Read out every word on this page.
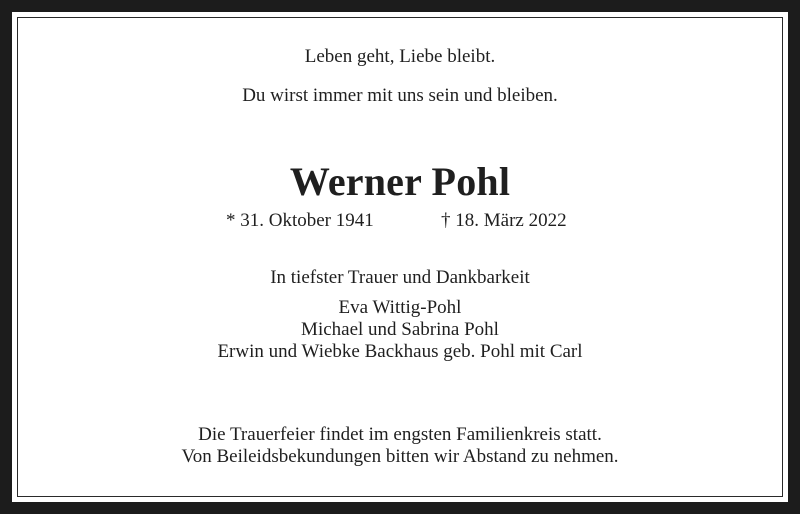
Leben geht, Liebe bleibt.
Du wirst immer mit uns sein und bleiben.
Werner Pohl
* 31. Oktober 1941	† 18. März 2022
In tiefster Trauer und Dankbarkeit
Eva Wittig-Pohl
Michael und Sabrina Pohl
Erwin und Wiebke Backhaus geb. Pohl mit Carl
Die Trauerfeier findet im engsten Familienkreis statt.
Von Beileidsbekundungen bitten wir Abstand zu nehmen.
